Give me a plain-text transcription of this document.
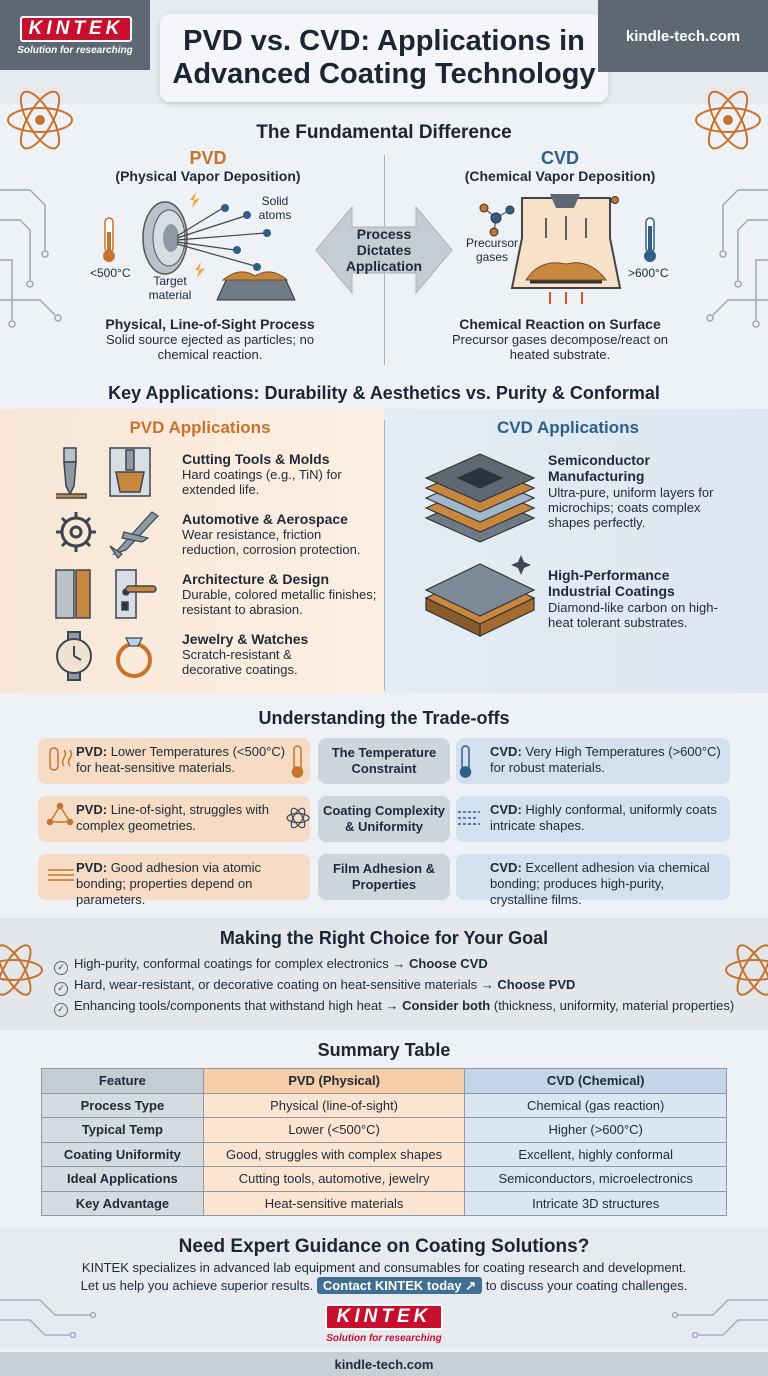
KINTEK
Solution for researching	PVD vs. CVD: Applications in Advanced Coating Technology
kindle-tech.com
The Fundamental Difference
PVD
(Physical Vapor Deposition)
<500°C
Target material
Solid atoms
Physical, Line-of-Sight Process
Solid source ejected as particles; no chemical reaction.
Process Dictates Application
CVD
(Chemical Vapor Deposition)
Precursor gases
>600°C
Chemical Reaction on Surface
Precursor gases decompose/react on heated substrate.
Key Applications: Durability & Aesthetics vs. Purity & Conformal
PVD Applications	CVD Applications
Cutting Tools & Molds
Hard coatings (e.g., TiN) for extended life.
Automotive & Aerospace
Wear resistance, friction reduction, corrosion protection.
Architecture & Design
Durable, colored metallic finishes; resistant to abrasion.
Jewelry & Watches
Scratch-resistant & decorative coatings.
Semiconductor Manufacturing
Ultra-pure, uniform layers for microchips; coats complex shapes perfectly.
High-Performance Industrial Coatings
Diamond-like carbon on high-heat tolerant substrates.
Understanding the Trade-offs
PVD: Lower Temperatures (<500°C) for heat-sensitive materials.
The Temperature Constraint
CVD: Very High Temperatures (>600°C) for robust materials.
PVD: Line-of-sight, struggles with complex geometries.
Coating Complexity & Uniformity
CVD: Highly conformal, uniformly coats intricate shapes.
PVD: Good adhesion via atomic bonding; properties depend on parameters.
Film Adhesion & Properties
CVD: Excellent adhesion via chemical bonding; produces high-purity, crystalline films.
Making the Right Choice for Your Goal
✓ High-purity, conformal coatings for complex electronics → Choose CVD
✓ Hard, wear-resistant, or decorative coating on heat-sensitive materials → Choose PVD
✓ Enhancing tools/components that withstand high heat → Consider both (thickness, uniformity, material properties)
Summary Table
Feature	PVD (Physical)	CVD (Chemical)
Process Type	Physical (line-of-sight)	Chemical (gas reaction)
Typical Temp	Lower (<500°C)	Higher (>600°C)
Coating Uniformity	Good, struggles with complex shapes	Excellent, highly conformal
Ideal Applications	Cutting tools, automotive, jewelry	Semiconductors, microelectronics
Key Advantage	Heat-sensitive materials	Intricate 3D structures
Need Expert Guidance on Coating Solutions?
KINTEK specializes in advanced lab equipment and consumables for coating research and development.
Let us help you achieve superior results. Contact KINTEK today ↗ to discuss your coating challenges.
KINTEK
Solution for researching
kindle-tech.com
